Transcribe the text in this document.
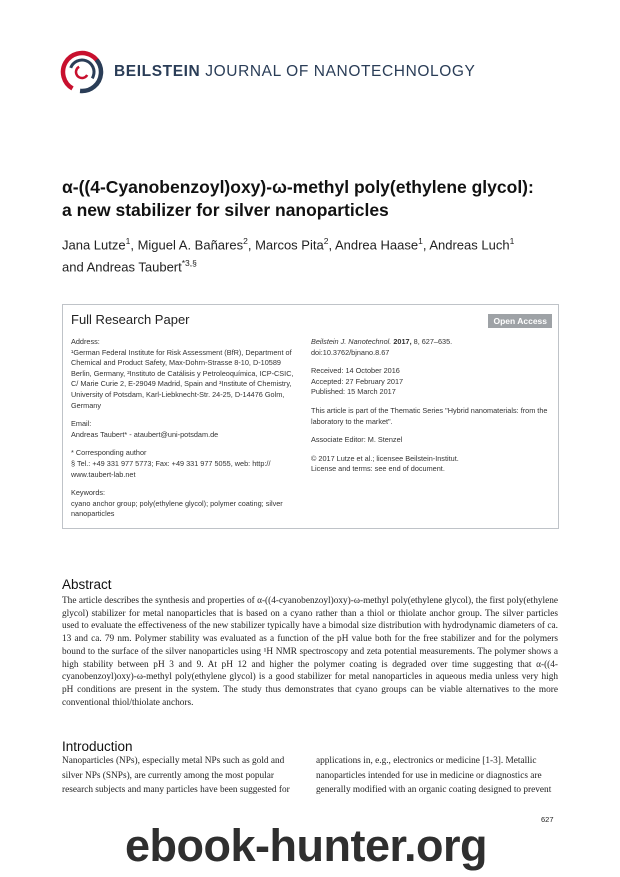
BEILSTEIN JOURNAL OF NANOTECHNOLOGY
α-((4-Cyanobenzoyl)oxy)-ω-methyl poly(ethylene glycol):
a new stabilizer for silver nanoparticles
Jana Lutze$^1$, Miguel A. Bañares$^2$, Marcos Pita$^2$, Andrea Haase$^1$, Andreas Luch$^1$
and Andreas Taubert$^{*3,\S}$
Full Research Paper	Open Access
Address:
¹German Federal Institute for Risk Assessment (BfR), Department of
Chemical and Product Safety, Max-Dohrn-Strasse 8-10, D-10589
Berlin, Germany, ²Instituto de Catálisis y Petroleoquímica, ICP-CSIC,
C/ Marie Curie 2, E-29049 Madrid, Spain and ³Institute of Chemistry,
University of Potsdam, Karl-Liebknecht-Str. 24-25, D-14476 Golm,
Germany
Email:
Andreas Taubert* - ataubert@uni-potsdam.de
* Corresponding author
§ Tel.: +49 331 977 5773; Fax: +49 331 977 5055, web: http://
www.taubert-lab.net
Keywords:
cyano anchor group; poly(ethylene glycol); polymer coating; silver
nanoparticles
Beilstein J. Nanotechnol. 2017, 8, 627–635.
doi:10.3762/bjnano.8.67
Received: 14 October 2016
Accepted: 27 February 2017
Published: 15 March 2017
This article is part of the Thematic Series "Hybrid nanomaterials: from the
laboratory to the market".
Associate Editor: M. Stenzel
© 2017 Lutze et al.; licensee Beilstein-Institut.
License and terms: see end of document.
Abstract
The article describes the synthesis and properties of α-((4-cyanobenzoyl)oxy)-ω-methyl poly(ethylene glycol), the first poly(ethylene glycol) stabilizer for metal nanoparticles that is based on a cyano rather than a thiol or thiolate anchor group. The silver particles used to evaluate the effectiveness of the new stabilizer typically have a bimodal size distribution with hydrodynamic diameters of ca. 13 and ca. 79 nm. Polymer stability was evaluated as a function of the pH value both for the free stabilizer and for the polymers bound to the surface of the silver nanoparticles using ¹H NMR spectroscopy and zeta potential measurements. The polymer shows a high stability between pH 3 and 9. At pH 12 and higher the polymer coating is degraded over time suggesting that α-((4-cyanobenzoyl)oxy)-ω-methyl poly(ethylene glycol) is a good stabilizer for metal nanoparticles in aqueous media unless very high pH conditions are present in the system. The study thus demonstrates that cyano groups can be viable alternatives to the more conventional thiol/thiolate anchors.
Introduction
Nanoparticles (NPs), especially metal NPs such as gold and
silver NPs (SNPs), are currently among the most popular
research subjects and many particles have been suggested for
applications in, e.g., electronics or medicine [1-3]. Metallic
nanoparticles intended for use in medicine or diagnostics are
generally modified with an organic coating designed to prevent
627
ebook-hunter.org
